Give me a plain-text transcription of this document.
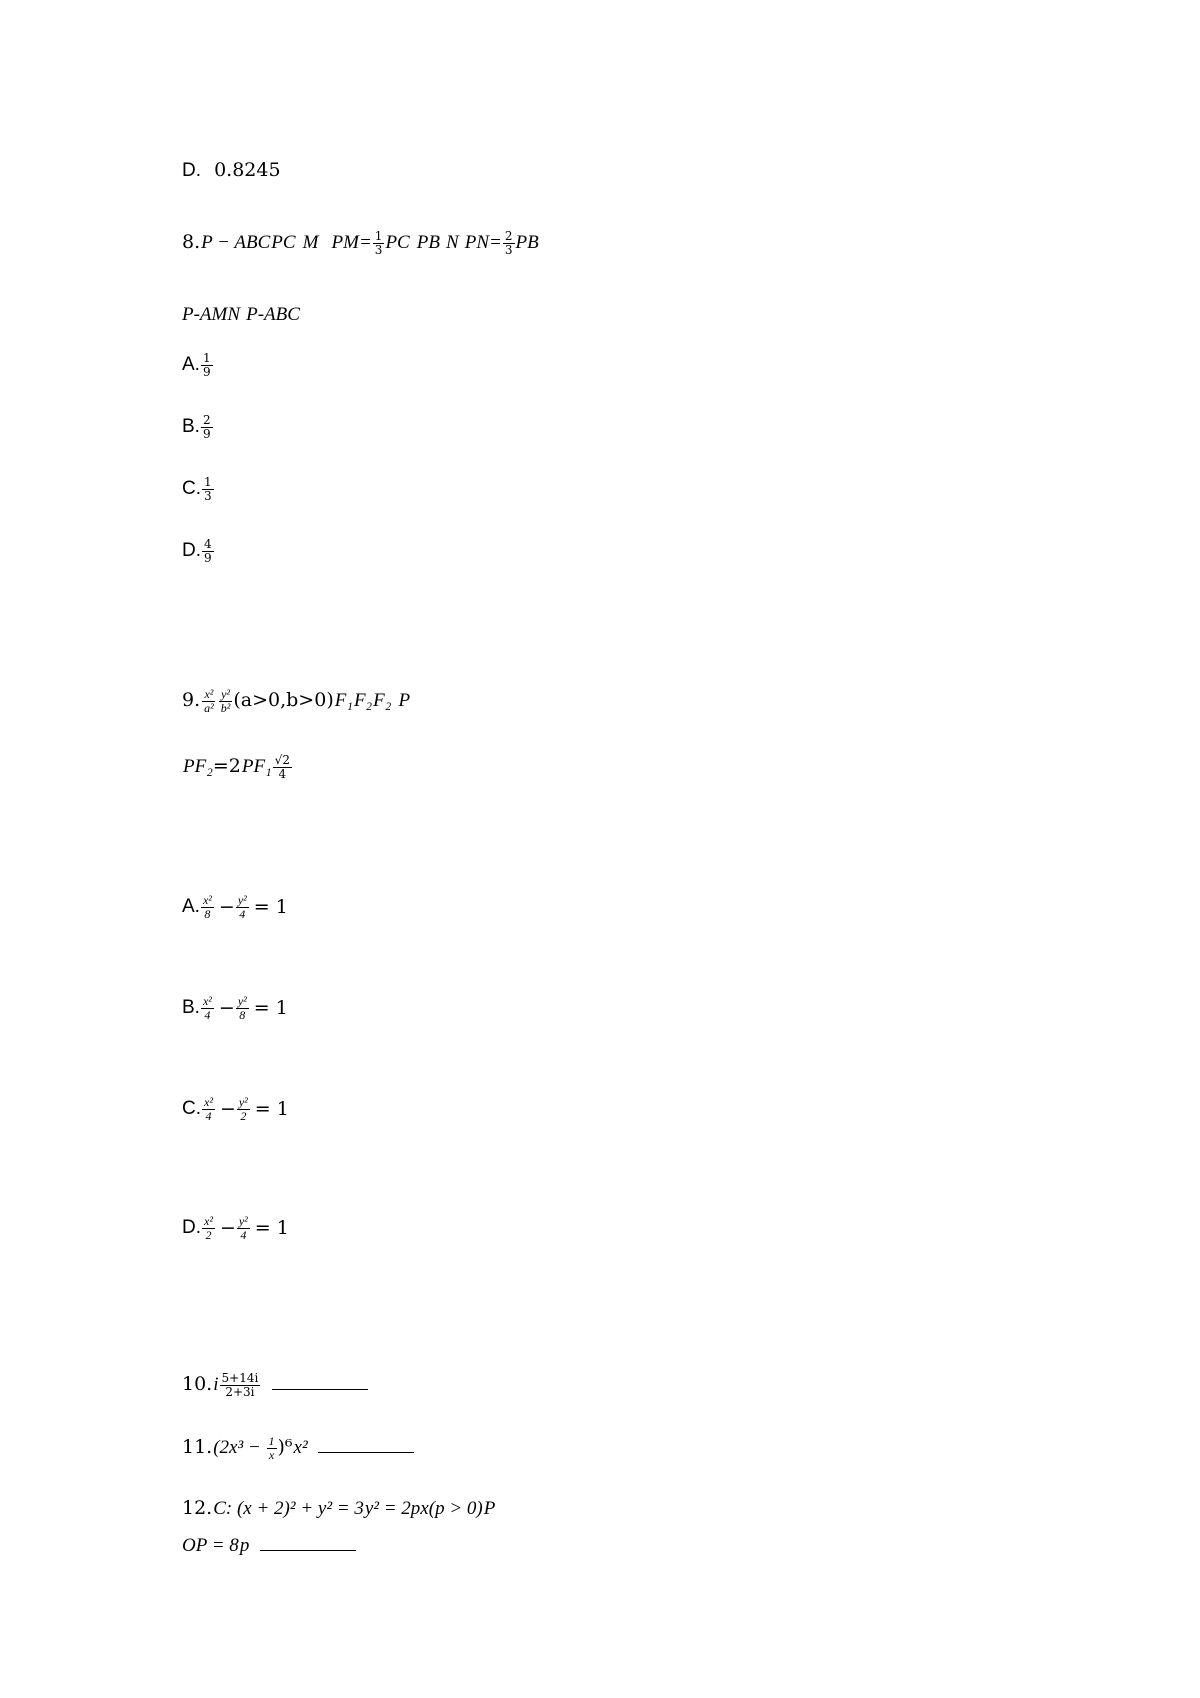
D. 0.8245
8.P − ABCPC M $PM= \frac{1}{3}$ PC PB N $PN= \frac{2}{3}$ PB
P-AMN P-ABC
A. $\frac{1}{9}$
B. $\frac{2}{9}$
C. $\frac{1}{3}$
D. $\frac{4}{9}$
9. $\frac{\text{x²}}{\text{a²}} \frac{\text{y²}}{\text{b²}} (a>0,b>0)F_1F_2F_2$ P
$PF_2=2PF_1 \frac{√2}{4}$
A. $\frac{\text{x²}}{8} - \frac{\text{y²}}{4} = 1$
B. $\frac{\text{x²}}{4} - \frac{\text{y²}}{8} = 1$
C. $\frac{\text{x²}}{4} - \frac{\text{y²}}{2} = 1$
D. $\frac{\text{x²}}{2} - \frac{\text{y²}}{4} = 1$
$10.i \frac{5+14i}{2+3i}$

$11.(2x^3 - \frac{1}{x} )^6x^2$
12.C: (x + 2)² + y² = 3y² = 2px(p > 0)P
OP = 8p
